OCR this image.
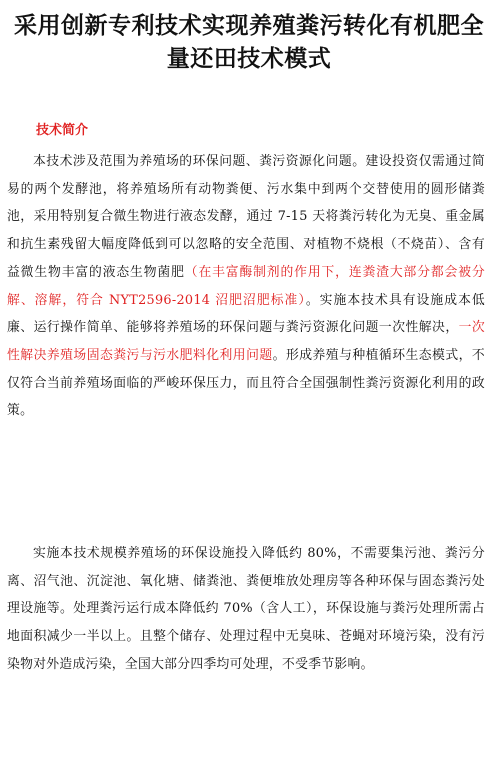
采用创新专利技术实现养殖粪污转化有机肥全量还田技术模式
技术简介

本技术涉及范围为养殖场的环保问题、粪污资源化问题。建设投资仅需通过简易的两个发酵池，将养殖场所有动物粪便、污水集中到两个交替使用的圆形储粪池，采用特别复合微生物进行液态发酵，通过 7-15 天将粪污转化为无臭、重金属和抗生素残留大幅度降低到可以忽略的安全范围、对植物不烧根（不烧苗）、含有益微生物丰富的液态生物菌肥（在丰富酶制剂的作用下，连粪渣大部分都会被分解、溶解，符合 NYT2596-2014 沼肥沼肥标准）。实施本技术具有设施成本低廉、运行操作简单、能够将养殖场的环保问题与粪污资源化问题一次性解决，一次性解决养殖场固态粪污与污水肥料化利用问题。形成养殖与种植循环生态模式，不仅符合当前养殖场面临的严峻环保压力，而且符合全国强制性粪污资源化利用的政策。

实施本技术规模养殖场的环保设施投入降低约 80%，不需要集污池、粪污分离、沼气池、沉淀池、氧化塘、储粪池、粪便堆放处理房等各种环保与固态粪污处理设施等。处理粪污运行成本降低约 70%（含人工），环保设施与粪污处理所需占地面积减少一半以上。且整个储存、处理过程中无臭味、苍蝇对环境污染，没有污染物对外造成污染，全国大部分四季均可处理，不受季节影响。
